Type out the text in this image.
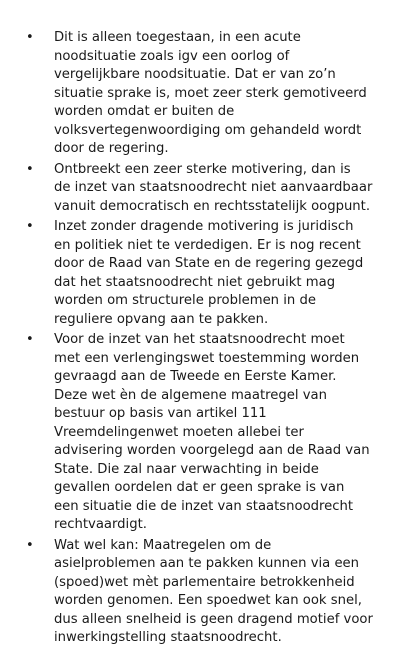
• Dit is alleen toegestaan, in een acute
noodsituatie zoals igv een oorlog of
vergelijkbare noodsituatie. Dat er van zo’n
situatie sprake is, moet zeer sterk gemotiveerd
worden omdat er buiten de
volksvertegenwoordiging om gehandeld wordt
door de regering.
• Ontbreekt een zeer sterke motivering, dan is
de inzet van staatsnoodrecht niet aanvaardbaar
vanuit democratisch en rechtsstatelijk oogpunt.
• Inzet zonder dragende motivering is juridisch
en politiek niet te verdedigen. Er is nog recent
door de Raad van State en de regering gezegd
dat het staatsnoodrecht niet gebruikt mag
worden om structurele problemen in de
reguliere opvang aan te pakken.
• Voor de inzet van het staatsnoodrecht moet
met een verlengingswet toestemming worden
gevraagd aan de Tweede en Eerste Kamer.
Deze wet èn de algemene maatregel van
bestuur op basis van artikel 111
Vreemdelingenwet moeten allebei ter
advisering worden voorgelegd aan de Raad van
State. Die zal naar verwachting in beide
gevallen oordelen dat er geen sprake is van
een situatie die de inzet van staatsnoodrecht
rechtvaardigt.
• Wat wel kan: Maatregelen om de
asielproblemen aan te pakken kunnen via een
(spoed)wet mèt parlementaire betrokkenheid
worden genomen. Een spoedwet kan ook snel,
dus alleen snelheid is geen dragend motief voor
inwerkingstelling staatsnoodrecht.
